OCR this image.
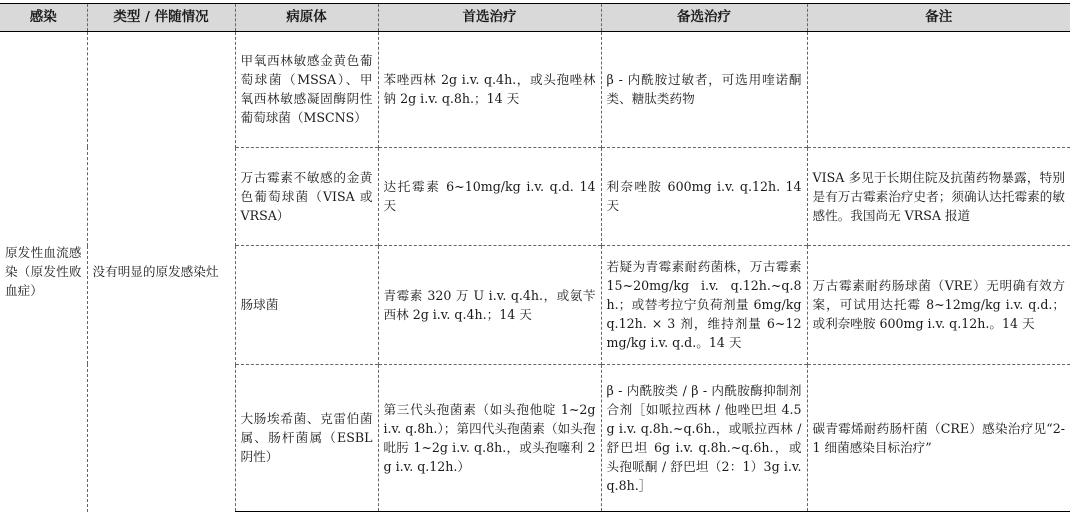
感染	类型 / 伴随情况	病原体	首选治疗	备选治疗	备注
原发性血流感染（原发性败血症）	没有明显的原发感染灶	甲氧西林敏感金黄色葡萄球菌（MSSA）、甲氧西林敏感凝固酶阴性葡萄球菌（MSCNS）	苯唑西林 2g i.v. q.4h.，或头孢唑林钠 2g i.v. q.8h.；14 天	β - 内酰胺过敏者，可选用喹诺酮类、糖肽类药物	
		万古霉素不敏感的金黄色葡萄球菌（VISA 或 VRSA）	达托霉素 6~10mg/kg i.v. q.d. 14 天	利奈唑胺 600mg i.v. q.12h. 14 天	VISA 多见于长期住院及抗菌药物暴露，特别是有万古霉素治疗史者；须确认达托霉素的敏感性。我国尚无 VRSA 报道
		肠球菌	青霉素 320 万 U i.v. q.4h.，或氨苄西林 2g i.v. q.4h.；14 天	若疑为青霉素耐药菌株，万古霉素15~20mg/kg i.v. q.12h.~q.8h.；或替考拉宁负荷剂量 6mg/kg q.12h. × 3 剂，维持剂量 6~12mg/kg i.v. q.d.。14 天	万古霉素耐药肠球菌（VRE）无明确有效方案，可试用达托霉 8~12mg/kg i.v. q.d.；或利奈唑胺 600mg i.v. q.12h.。14 天
		大肠埃希菌、克雷伯菌属、肠杆菌属（ESBL 阴性）	第三代头孢菌素（如头孢他啶 1~2g i.v. q.8h.）；第四代头孢菌素（如头孢吡肟 1~2g i.v. q.8h.，或头孢噻利 2g i.v. q.12h.）	β - 内酰胺类 / β - 内酰胺酶抑制剂合剂［如哌拉西林 / 他唑巴坦 4.5g i.v. q.8h.~q.6h.，或哌拉西林 / 舒巴坦 6g i.v. q.8h.~q.6h.，或头孢哌酮 / 舒巴坦（2：1）3g i.v. q.8h.］	碳青霉烯耐药肠杆菌（CRE）感染治疗见“2-1 细菌感染目标治疗”
